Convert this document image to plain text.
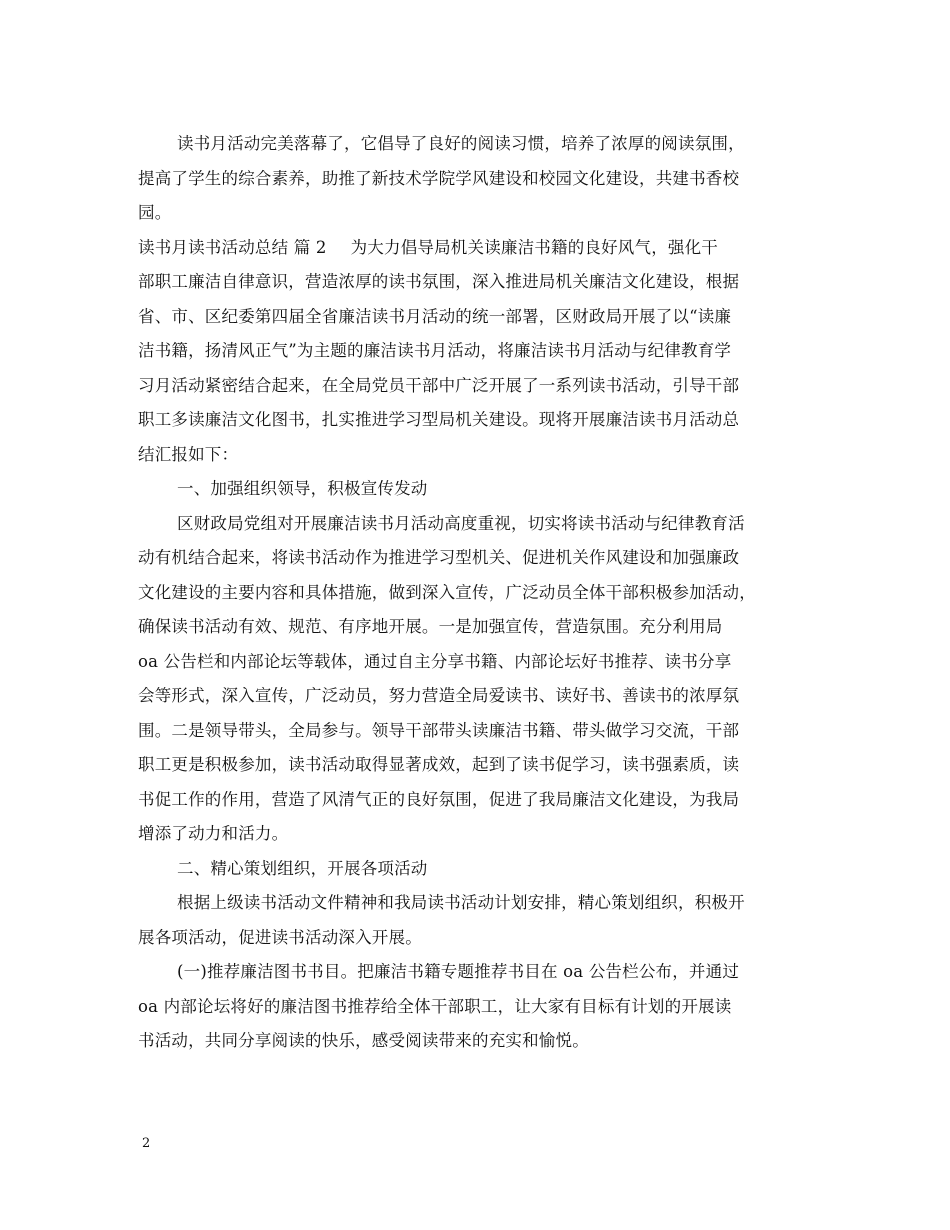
读书月活动完美落幕了，它倡导了良好的阅读习惯，培养了浓厚的阅读氛围，
提高了学生的综合素养，助推了新技术学院学风建设和校园文化建设，共建书香校
园。
读书月读书活动总结 篇 2 为大力倡导局机关读廉洁书籍的良好风气，强化干
部职工廉洁自律意识，营造浓厚的读书氛围，深入推进局机关廉洁文化建设，根据
省、市、区纪委第四届全省廉洁读书月活动的统一部署，区财政局开展了以“读廉
洁书籍，扬清风正气”为主题的廉洁读书月活动，将廉洁读书月活动与纪律教育学
习月活动紧密结合起来，在全局党员干部中广泛开展了一系列读书活动，引导干部
职工多读廉洁文化图书，扎实推进学习型局机关建设。现将开展廉洁读书月活动总
结汇报如下：
一、加强组织领导，积极宣传发动
区财政局党组对开展廉洁读书月活动高度重视，切实将读书活动与纪律教育活
动有机结合起来，将读书活动作为推进学习型机关、促进机关作风建设和加强廉政
文化建设的主要内容和具体措施，做到深入宣传，广泛动员全体干部积极参加活动，
确保读书活动有效、规范、有序地开展。一是加强宣传，营造氛围。充分利用局
oa 公告栏和内部论坛等载体，通过自主分享书籍、内部论坛好书推荐、读书分享
会等形式，深入宣传，广泛动员，努力营造全局爱读书、读好书、善读书的浓厚氛
围。二是领导带头，全局参与。领导干部带头读廉洁书籍、带头做学习交流，干部
职工更是积极参加，读书活动取得显著成效，起到了读书促学习，读书强素质，读
书促工作的作用，营造了风清气正的良好氛围，促进了我局廉洁文化建设，为我局
增添了动力和活力。
二、精心策划组织，开展各项活动
根据上级读书活动文件精神和我局读书活动计划安排，精心策划组织，积极开
展各项活动，促进读书活动深入开展。
(一)推荐廉洁图书书目。把廉洁书籍专题推荐书目在 oa 公告栏公布，并通过
oa 内部论坛将好的廉洁图书推荐给全体干部职工，让大家有目标有计划的开展读
书活动，共同分享阅读的快乐，感受阅读带来的充实和愉悦。
2
